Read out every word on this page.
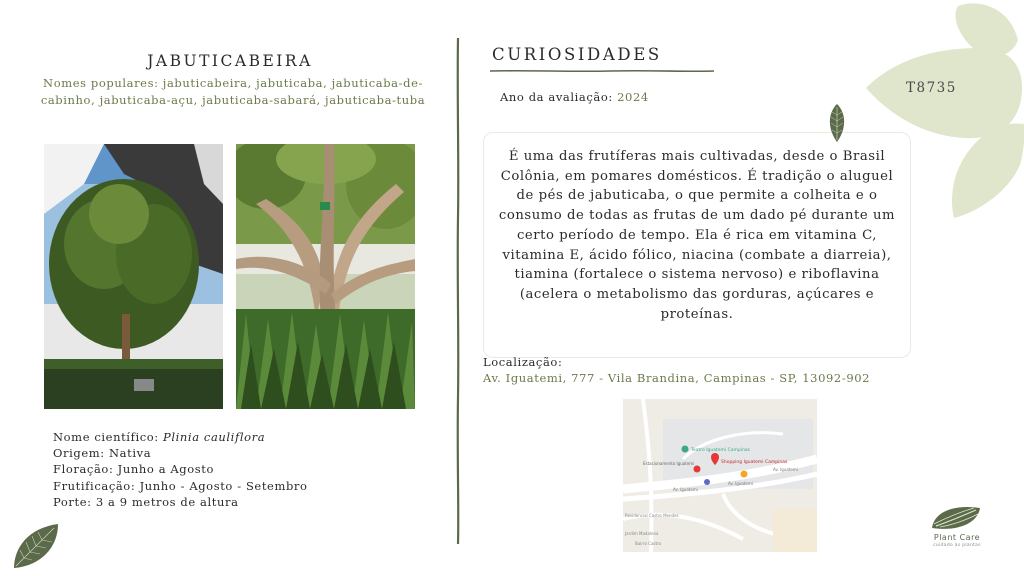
JABUTICABEIRA
Nomes populares: jabuticabeira, jabuticaba, jabuticaba-de-cabinho, jabuticaba-açu, jabuticaba-sabará, jabuticaba-tuba
Nome científico: Plinia cauliflora
Origem: Nativa
Floração: Junho a Agosto
Frutificação: Junho - Agosto - Setembro
Porte: 3 a 9 metros de altura
CURIOSIDADES
Ano da avaliação: 2024
É uma das frutíferas mais cultivadas, desde o Brasil Colônia, em pomares domésticos. É tradição o aluguel de pés de jabuticaba, o que permite a colheita e o consumo de todas as frutas de um dado pé durante um certo período de tempo. Ela é rica em vitamina C, vitamina E, ácido fólico, niacina (combate a diarreia), tiamina (fortalece o sistema nervoso) e riboflavina (acelera o metabolismo das gorduras, açúcares e proteínas.
Localização:
Av. Iguatemi, 777 - Vila Brandina, Campinas - SP, 13092-902
Teatro Iguatemi Campinas
Shopping Iguatemi Campinas
Estacionamento Iguatemi
Av. Iguatemi
Av. Iguatemi
Av. Iguatemi
Residencial Castro Mendes
Jardim Madalena
Bairro Castro
T8735
Plant Care
cuidado às plantas
